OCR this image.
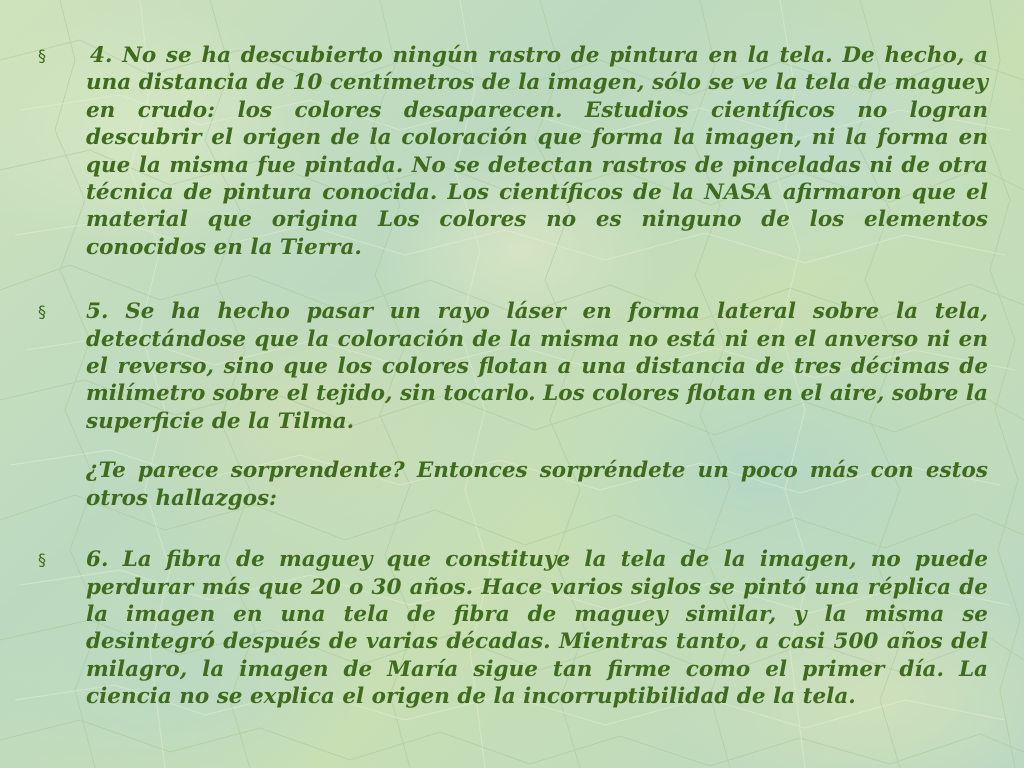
§ 4. No se ha descubierto ningún rastro de pintura en la tela. De hecho, a una distancia de 10 centímetros de la imagen, sólo se ve la tela de maguey en crudo: los colores desaparecen. Estudios científicos no logran descubrir el origen de la coloración que forma la imagen, ni la forma en que la misma fue pintada. No se detectan rastros de pinceladas ni de otra técnica de pintura conocida. Los científicos de la NASA afirmaron que el material que origina Los colores no es ninguno de los elementos conocidos en la Tierra.

§ 5. Se ha hecho pasar un rayo láser en forma lateral sobre la tela, detectándose que la coloración de la misma no está ni en el anverso ni en el reverso, sino que los colores flotan a una distancia de tres décimas de milímetro sobre el tejido, sin tocarlo. Los colores flotan en el aire, sobre la superficie de la Tilma.

¿Te parece sorprendente? Entonces sorpréndete un poco más con estos otros hallazgos:

§ 6. La fibra de maguey que constituye la tela de la imagen, no puede perdurar más que 20 o 30 años. Hace varios siglos se pintó una réplica de la imagen en una tela de fibra de maguey similar, y la misma se desintegró después de varias décadas. Mientras tanto, a casi 500 años del milagro, la imagen de María sigue tan firme como el primer día. La ciencia no se explica el origen de la incorruptibilidad de la tela.
